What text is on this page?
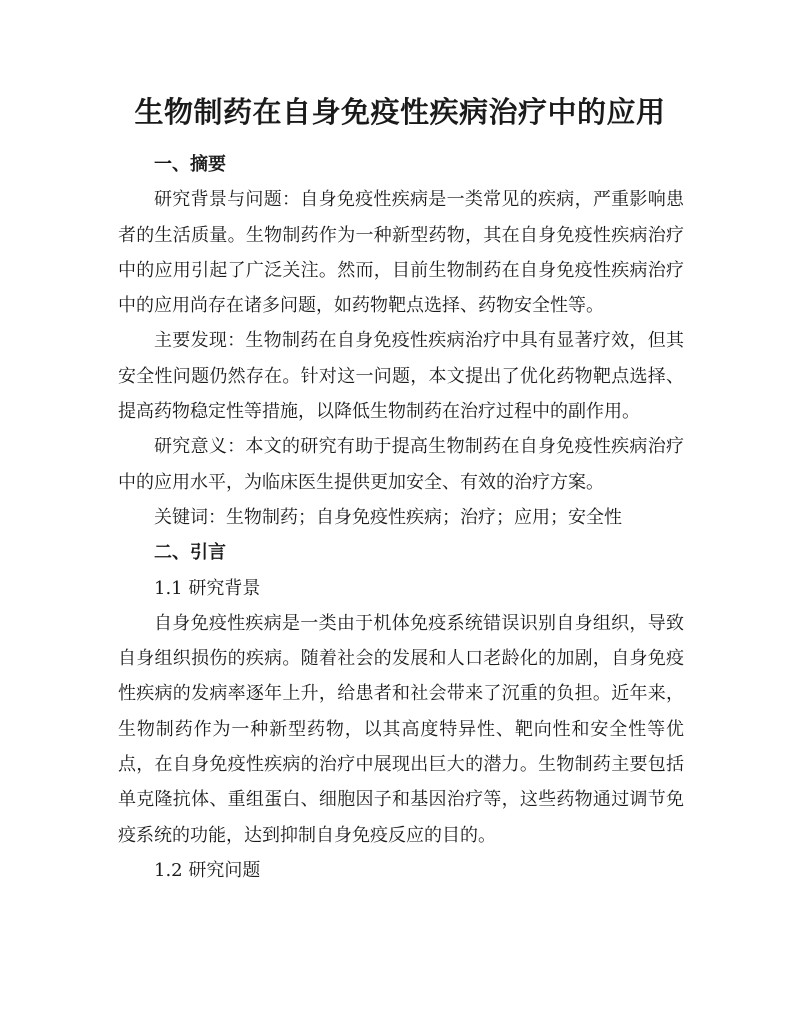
生物制药在自身免疫性疾病治疗中的应用

一、摘要

研究背景与问题：自身免疫性疾病是一类常见的疾病，严重影响患者的生活质量。生物制药作为一种新型药物，其在自身免疫性疾病治疗中的应用引起了广泛关注。然而，目前生物制药在自身免疫性疾病治疗中的应用尚存在诸多问题，如药物靶点选择、药物安全性等。

主要发现：生物制药在自身免疫性疾病治疗中具有显著疗效，但其安全性问题仍然存在。针对这一问题，本文提出了优化药物靶点选择、提高药物稳定性等措施，以降低生物制药在治疗过程中的副作用。

研究意义：本文的研究有助于提高生物制药在自身免疫性疾病治疗中的应用水平，为临床医生提供更加安全、有效的治疗方案。

关键词：生物制药；自身免疫性疾病；治疗；应用；安全性

二、引言

1.1 研究背景

自身免疫性疾病是一类由于机体免疫系统错误识别自身组织，导致自身组织损伤的疾病。随着社会的发展和人口老龄化的加剧，自身免疫性疾病的发病率逐年上升，给患者和社会带来了沉重的负担。近年来，生物制药作为一种新型药物，以其高度特异性、靶向性和安全性等优点，在自身免疫性疾病的治疗中展现出巨大的潜力。生物制药主要包括单克隆抗体、重组蛋白、细胞因子和基因治疗等，这些药物通过调节免疫系统的功能，达到抑制自身免疫反应的目的。

1.2 研究问题
